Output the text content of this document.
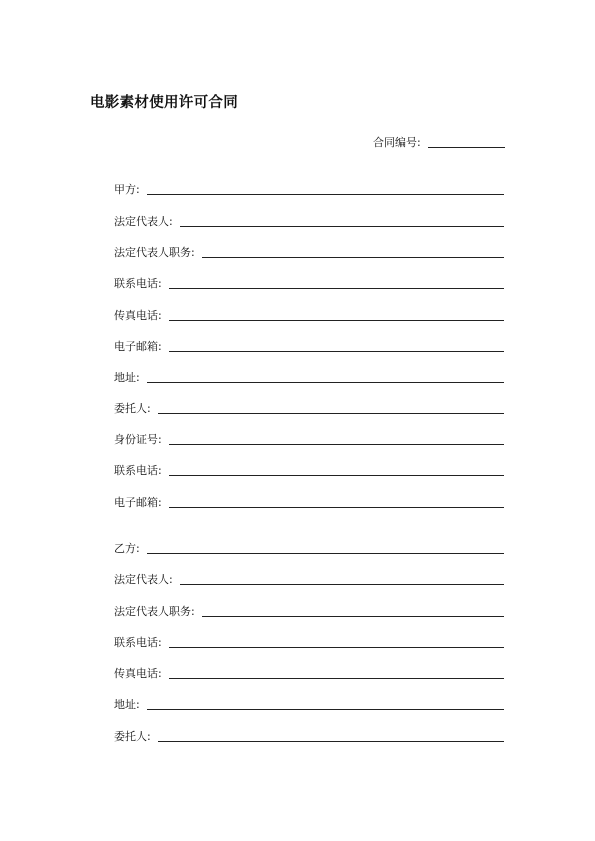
电影素材使用许可合同
合同编号:
甲方:
法定代表人:
法定代表人职务:
联系电话:
传真电话:
电子邮箱:
地址:
委托人:
身份证号:
联系电话:
电子邮箱:
乙方:
法定代表人:
法定代表人职务:
联系电话:
传真电话:
地址:
委托人:
